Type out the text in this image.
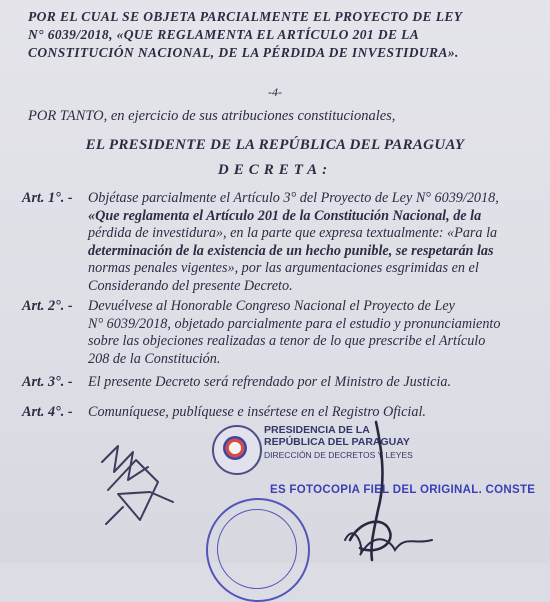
POR EL CUAL SE OBJETA PARCIALMENTE EL PROYECTO DE LEY
N° 6039/2018, «QUE REGLAMENTA EL ARTÍCULO 201 DE LA
CONSTITUCIÓN NACIONAL, DE LA PÉRDIDA DE INVESTIDURA».
-4-
POR TANTO, en ejercicio de sus atribuciones constitucionales,
EL PRESIDENTE DE LA REPÚBLICA DEL PARAGUAY
DECRETA:
Art. 1°. -	Objétase parcialmente el Artículo 3° del Proyecto de Ley N° 6039/2018,
«Que reglamenta el Artículo 201 de la Constitución Nacional, de la
pérdida de investidura», en la parte que expresa textualmente: «Para la
determinación de la existencia de un hecho punible, se respetarán las
normas penales vigentes», por las argumentaciones esgrimidas en el
Considerando del presente Decreto.
Art. 2°. -	Devuélvese al Honorable Congreso Nacional el Proyecto de Ley
N° 6039/2018, objetado parcialmente para el estudio y pronunciamiento
sobre las objeciones realizadas a tenor de lo que prescribe el Artículo
208 de la Constitución.
Art. 3°. -	El presente Decreto será refrendado por el Ministro de Justicia.
Art. 4°. -	Comuníquese, publíquese e insértese en el Registro Oficial.
PRESIDENCIA DE LA
REPÚBLICA DEL PARAGUAY
DIRECCIÓN DE DECRETOS Y LEYES
ES FOTOCOPIA FIEL DEL ORIGINAL. CONSTE
